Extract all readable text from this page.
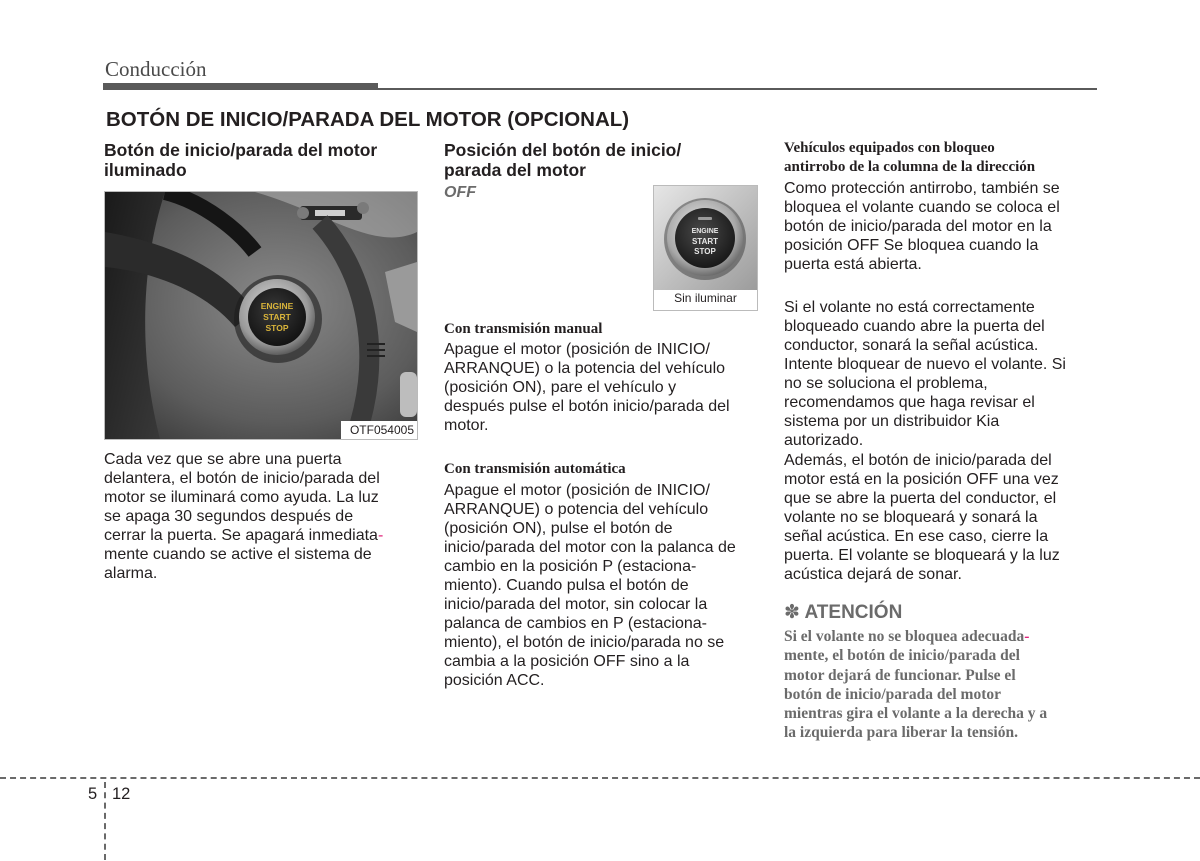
Conducción
BOTÓN DE INICIO/PARADA DEL MOTOR (OPCIONAL)
Botón de inicio/parada del motor
iluminado
ENGINE
START
STOP
OTF054005
Cada vez que se abre una puerta
delantera, el botón de inicio/parada del
motor se iluminará como ayuda. La luz
se apaga 30 segundos después de
cerrar la puerta. Se apagará inmediata-
mente cuando se active el sistema de
alarma.
Posición del botón de inicio/
parada del motor
OFF
ENGINE
START
STOP
Sin iluminar
Con transmisión manual
Apague el motor (posición de INICIO/
ARRANQUE) o la potencia del vehículo
(posición ON), pare el vehículo y
después pulse el botón inicio/parada del
motor.
Con transmisión automática
Apague el motor (posición de INICIO/
ARRANQUE) o potencia del vehículo
(posición ON), pulse el botón de
inicio/parada del motor con la palanca de
cambio en la posición P (estaciona-
miento). Cuando pulsa el botón de
inicio/parada del motor, sin colocar la
palanca de cambios en P (estaciona-
miento), el botón de inicio/parada no se
cambia a la posición OFF sino a la
posición ACC.
Vehículos equipados con bloqueo
antirrobo de la columna de la dirección
Como protección antirrobo, también se
bloquea el volante cuando se coloca el
botón de inicio/parada del motor en la
posición OFF Se bloquea cuando la
puerta está abierta.
Si el volante no está correctamente
bloqueado cuando abre la puerta del
conductor, sonará la señal acústica.
Intente bloquear de nuevo el volante. Si
no se soluciona el problema,
recomendamos que haga revisar el
sistema por un distribuidor Kia
autorizado.
Además, el botón de inicio/parada del
motor está en la posición OFF una vez
que se abre la puerta del conductor, el
volante no se bloqueará y sonará la
señal acústica. En ese caso, cierre la
puerta. El volante se bloqueará y la luz
acústica dejará de sonar.
✽ ATENCIÓN
Si el volante no se bloquea adecuada-
mente, el botón de inicio/parada del
motor dejará de funcionar. Pulse el
botón de inicio/parada del motor
mientras gira el volante a la derecha y a
la izquierda para liberar la tensión.
5 12
